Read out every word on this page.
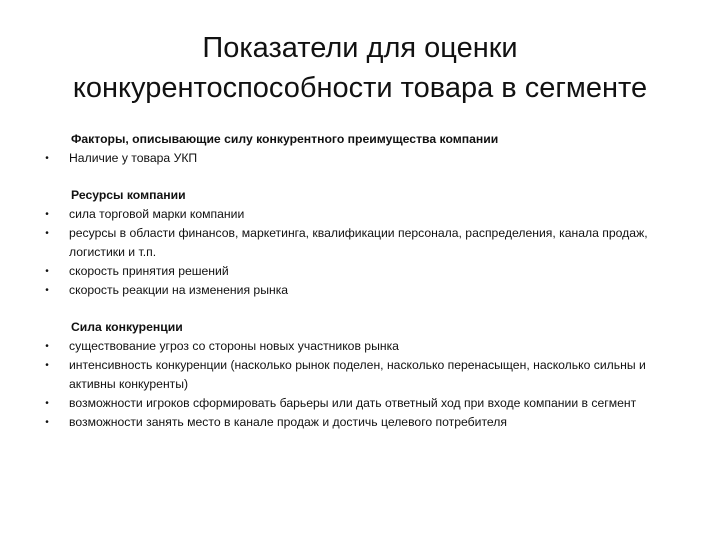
Показатели для оценки
конкурентоспособности товара в сегменте
Факторы, описывающие силу конкурентного преимущества компании
• Наличие у товара УКП
Ресурсы компании
• сила торговой марки компании
• ресурсы в области финансов, маркетинга, квалификации персонала, распределения, канала продаж, логистики и т.п.
• скорость принятия решений
• скорость реакции на изменения рынка
Сила конкуренции
• существование угроз со стороны новых участников рынка
• интенсивность конкуренции (насколько рынок поделен, насколько перенасыщен, насколько сильны и активны конкуренты)
• возможности игроков сформировать барьеры или дать ответный ход при входе компании в сегмент
• возможности занять место в канале продаж и достичь целевого потребителя
